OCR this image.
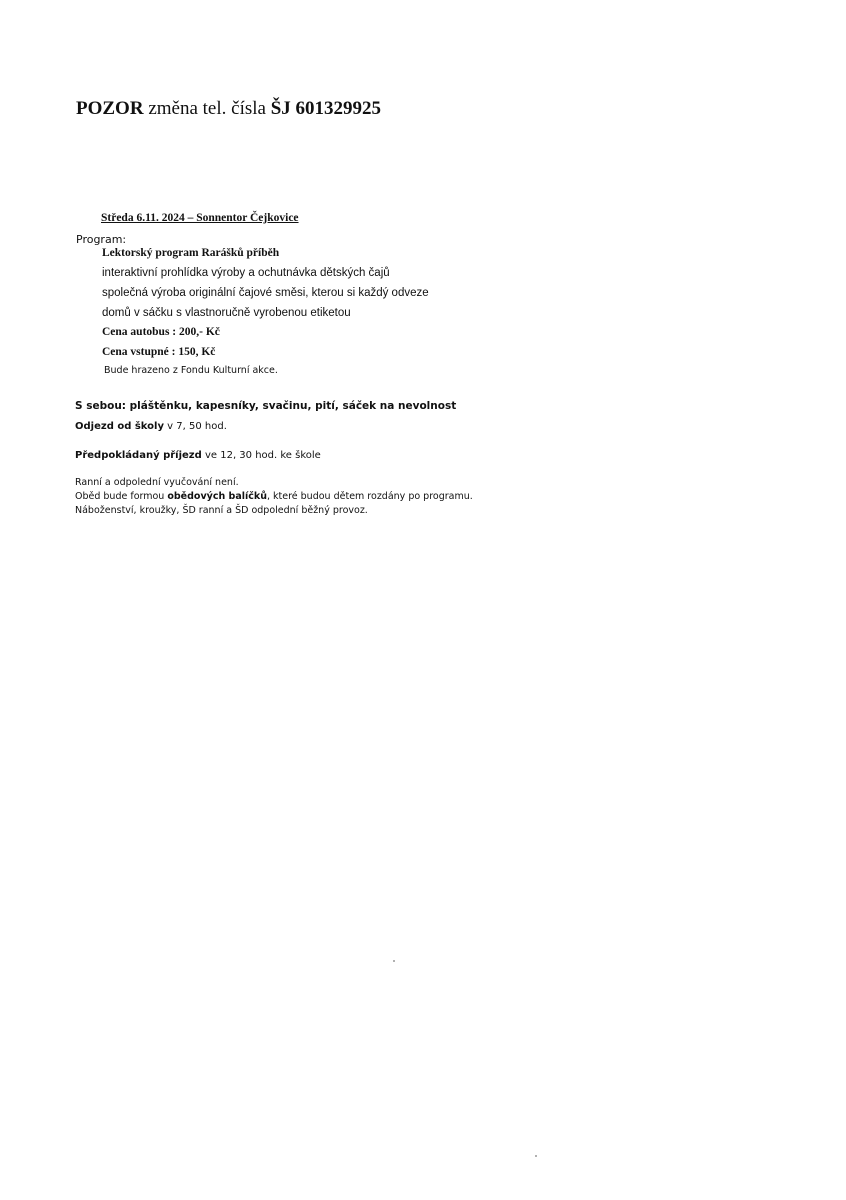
POZOR změna tel. čísla ŠJ 601329925
Středa 6.11. 2024 – Sonnentor Čejkovice
Program:
Lektorský program Rarášků příběh
interaktivní prohlídka výroby a ochutnávka dětských čajů
společná výroba originální čajové směsi, kterou si každý odveze
domů v sáčku s vlastnoručně vyrobenou etiketou
Cena autobus : 200,- Kč
Cena vstupné : 150, Kč
Bude hrazeno z Fondu Kulturní akce.
S sebou: pláštěnku, kapesníky, svačinu, pití, sáček na nevolnost
Odjezd od školy v 7, 50 hod.
Předpokládaný příjezd ve 12, 30 hod. ke škole
Ranní a odpolední vyučování není.
Oběd bude formou obědových balíčků, které budou dětem rozdány po programu.
Náboženství, kroužky, ŠD ranní a ŠD odpolední běžný provoz.
